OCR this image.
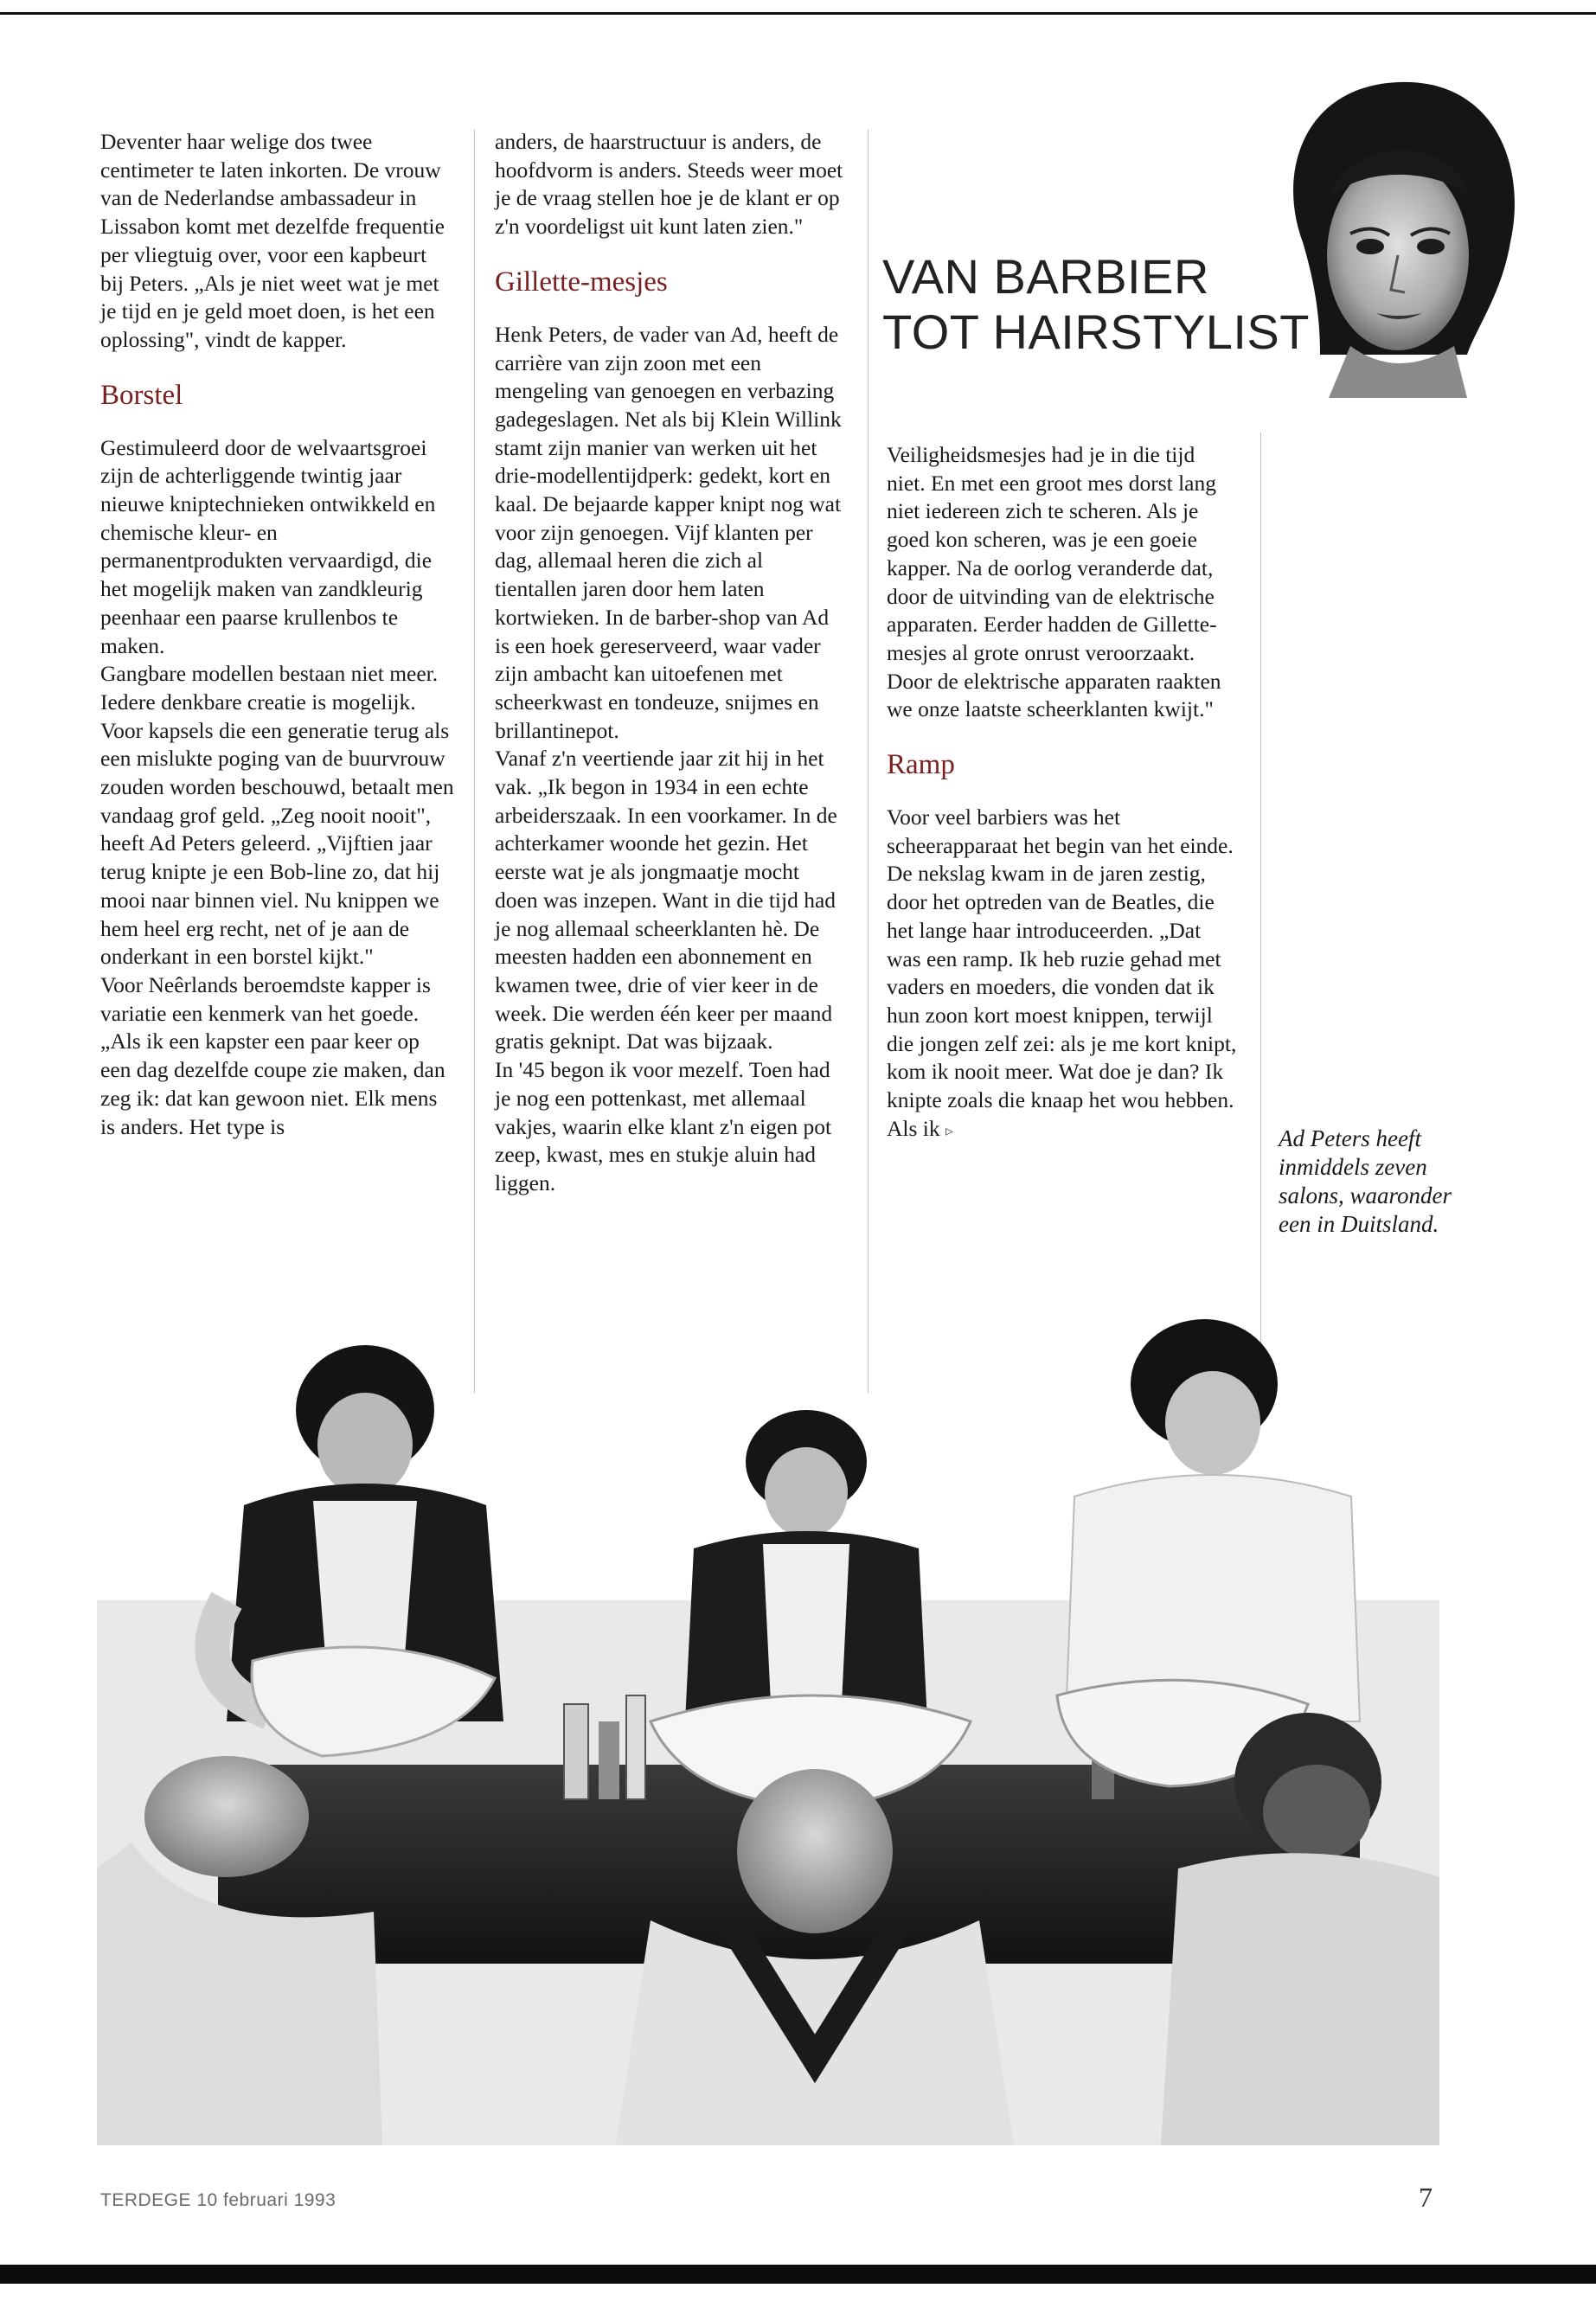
Deventer haar welige dos twee centimeter te laten inkorten. De vrouw van de Nederlandse ambassadeur in Lissabon komt met dezelfde frequentie per vliegtuig over, voor een kapbeurt bij Peters. „Als je niet weet wat je met je tijd en je geld moet doen, is het een oplossing", vindt de kapper.

Borstel

Gestimuleerd door de welvaartsgroei zijn de achterliggende twintig jaar nieuwe kniptechnieken ontwikkeld en chemische kleur- en permanentprodukten vervaardigd, die het mogelijk maken van zandkleurig peenhaar een paarse krullenbos te maken.

Gangbare modellen bestaan niet meer. Iedere denkbare creatie is mogelijk. Voor kapsels die een generatie terug als een mislukte poging van de buurvrouw zouden worden beschouwd, betaalt men vandaag grof geld. „Zeg nooit nooit", heeft Ad Peters geleerd. „Vijftien jaar terug knipte je een Bob-line zo, dat hij mooi naar binnen viel. Nu knippen we hem heel erg recht, net of je aan de onderkant in een borstel kijkt."

Voor Neêrlands beroemdste kapper is variatie een kenmerk van het goede. „Als ik een kapster een paar keer op een dag dezelfde coupe zie maken, dan zeg ik: dat kan gewoon niet. Elk mens is anders. Het type is

anders, de haarstructuur is anders, de hoofdvorm is anders. Steeds weer moet je de vraag stellen hoe je de klant er op z'n voordeligst uit kunt laten zien."

Gillette-mesjes

Henk Peters, de vader van Ad, heeft de carrière van zijn zoon met een mengeling van genoegen en verbazing gadegeslagen. Net als bij Klein Willink stamt zijn manier van werken uit het drie-modellentijdperk: gedekt, kort en kaal. De bejaarde kapper knipt nog wat voor zijn genoegen. Vijf klanten per dag, allemaal heren die zich al tientallen jaren door hem laten kortwieken. In de barber-shop van Ad is een hoek gereserveerd, waar vader zijn ambacht kan uitoefenen met scheerkwast en tondeuze, snijmes en brillantinepot.

Vanaf z'n veertiende jaar zit hij in het vak. „Ik begon in 1934 in een echte arbeiderszaak. In een voorkamer. In de achterkamer woonde het gezin. Het eerste wat je als jongmaatje mocht doen was inzepen. Want in die tijd had je nog allemaal scheerklanten hè. De meesten hadden een abonnement en kwamen twee, drie of vier keer in de week. Die werden één keer per maand gratis geknipt. Dat was bijzaak.

In '45 begon ik voor mezelf. Toen had je nog een pottenkast, met allemaal vakjes, waarin elke klant z'n eigen pot zeep, kwast, mes en stukje aluin had liggen.

VAN BARBIER
TOT HAIRSTYLIST

Veiligheidsmesjes had je in die tijd niet. En met een groot mes dorst lang niet iedereen zich te scheren. Als je goed kon scheren, was je een goeie kapper. Na de oorlog veranderde dat, door de uitvinding van de elektrische apparaten. Eerder hadden de Gillette-mesjes al grote onrust veroorzaakt. Door de elektrische apparaten raakten we onze laatste scheerklanten kwijt."

Ramp

Voor veel barbiers was het scheerapparaat het begin van het einde. De nekslag kwam in de jaren zestig, door het optreden van de Beatles, die het lange haar introduceerden. „Dat was een ramp. Ik heb ruzie gehad met vaders en moeders, die vonden dat ik hun zoon kort moest knippen, terwijl die jongen zelf zei: als je me kort knipt, kom ik nooit meer. Wat doe je dan? Ik knipte zoals die knaap het wou hebben. Als ik ▹	Ad Peters heeft inmiddels zeven salons, waaronder een in Duitsland.
TERDEGE 10 februari 1993	7
